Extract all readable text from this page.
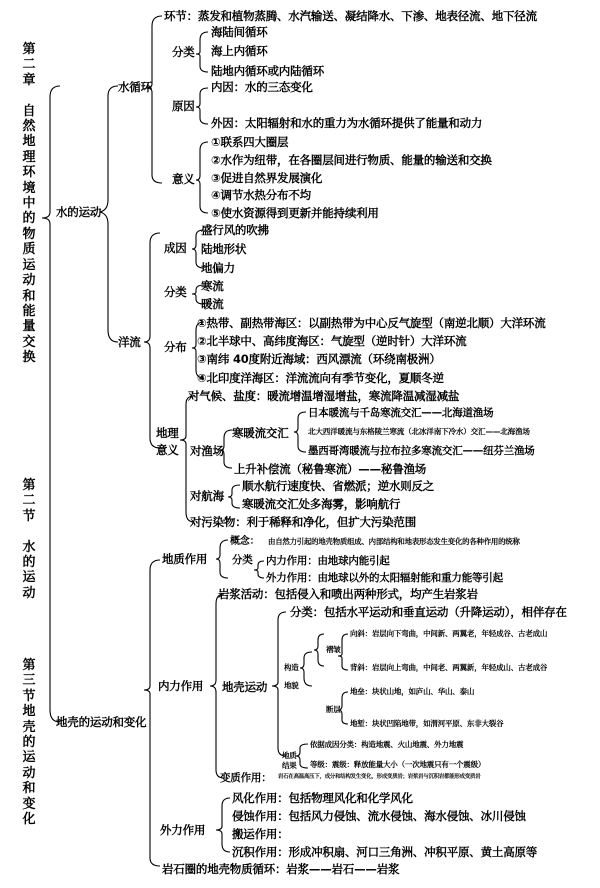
第
二
章

自
然
地
理
环
境
中
的
物
质
运
动
和
能
量
交
换
第
二
节

水
的
运
动
第
三
节
地
壳
的
运
动
和
变
化
水的运动
水循环
环节：蒸发和植物蒸腾、水汽输送、凝结降水、下渗、地表径流、地下径流
分类
海陆间循环
海上内循环
陆地内循环或内陆循环
原因
内因：水的三态变化
外因：太阳辐射和水的重力为水循环提供了能量和动力
意义
①联系四大圈层
②水作为纽带，在各圈层间进行物质、能量的输送和交换
③促进自然界发展演化
④调节水热分布不均
⑤使水资源得到更新并能持续利用
洋流
成因
盛行风的吹拂
陆地形状
地偏力
分类 寒流
暖流
分布
①热带、副热带海区：以副热带为中心反气旋型（南逆北顺）大洋环流
②北半球中、高纬度海区：气旋型（逆时针）大洋环流
③南纬 40度附近海域：西风漂流（环绕南极洲）
④北印度洋海区：洋流流向有季节变化，夏顺冬逆
地理
意义
对气候、盐度：暖流增温增湿增盐，寒流降温减湿减盐
对渔场
寒暖流交汇
日本暖流与千岛寒流交汇——北海道渔场
北大西洋暖流与东格陵兰寒流（北冰洋南下冷水）交汇——北海渔场
墨西哥湾暖流与拉布拉多寒流交汇——纽芬兰渔场
上升补偿流（秘鲁寒流）——秘鲁渔场
对航海
顺水航行速度快、省燃派；逆水则反之
寒暖流交汇处多海雾，影响航行
对污染物：利于稀释和净化，但扩大污染范围
地壳的运动和变化
地质作用
概念： 由自然力引起的地壳物质组成、内部结构和地表形态发生变化的各种作用的统称
分类 内力作用：由地球内能引起
外力作用：由地球以外的太阳辐射能和重力能等引起
内力作用
岩浆活动：包括侵入和喷出两种形式，均产生岩浆岩
地壳运动
分类：包括水平运动和垂直运动（升降运动），相伴存在
构造
地貌
褶皱
向斜： 岩层向下弯曲，中间新、两翼老，年轻成谷、古老成山
背斜： 岩层向上弯曲，中间老、两翼新，年轻成山、古老成谷
断层
地垒： 块状山地，如庐山、华山、泰山
地堑： 块状凹陷地带，如渭河平原、东非大裂谷
地质
结果
依据成因分类：构造地震、火山地震、外力地震
等级：震级：释放能量大小（一次地震只有一个震级）
变质作用： 岩石在高温高压下，成分和结构发生变化，形成变质岩；岩浆岩与沉积岩都能形成变质岩
外力作用
风化作用：包括物理风化和化学风化
侵蚀作用：包括风力侵蚀、流水侵蚀、海水侵蚀、冰川侵蚀
搬运作用：
沉积作用：形成冲积扇、河口三角洲、冲积平原、黄土高原等
岩石圈的地壳物质循环：岩浆——岩石——岩浆
